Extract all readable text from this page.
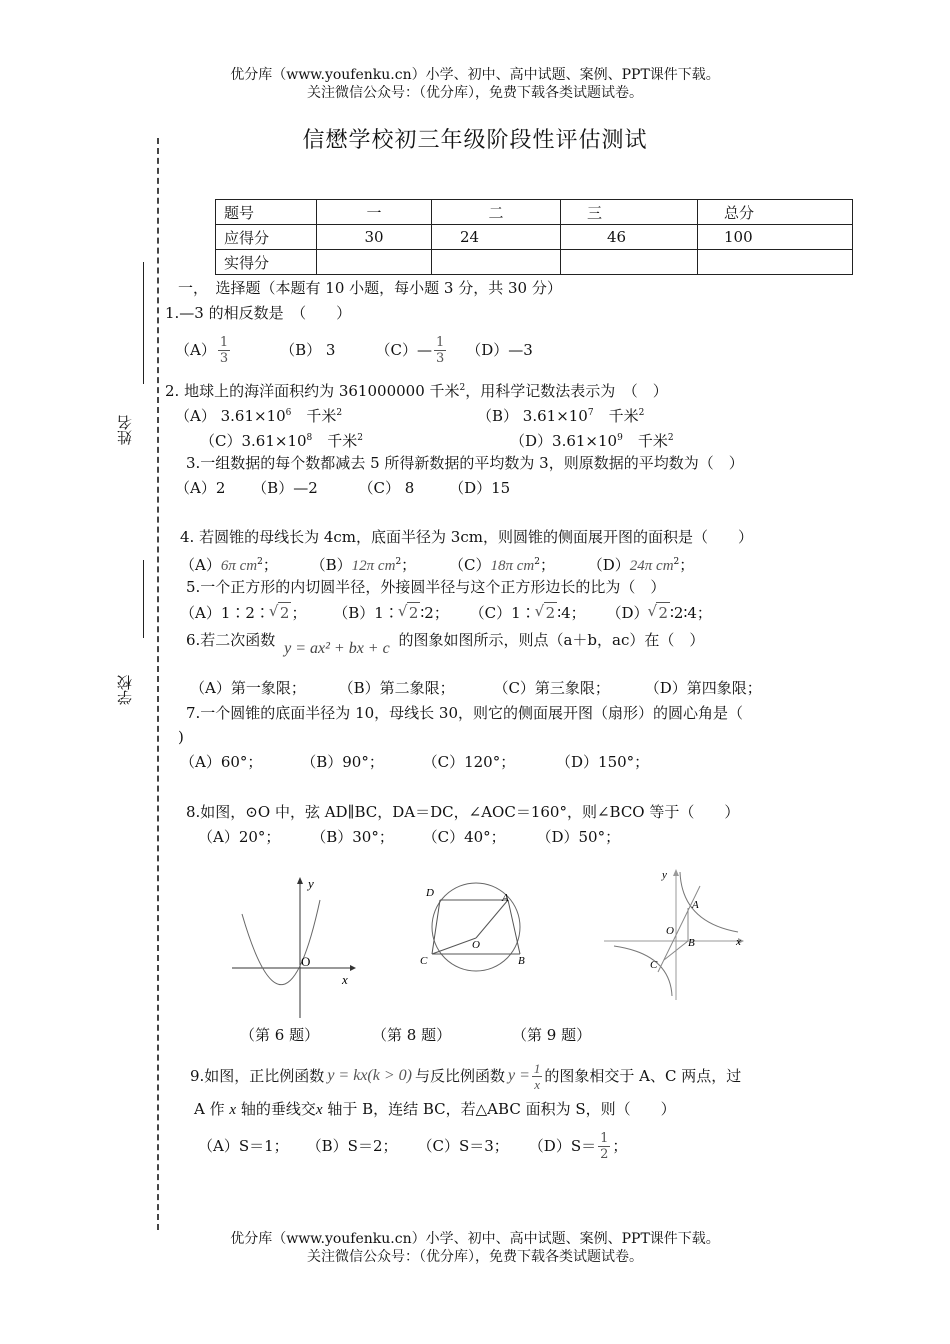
优分库（www.youfenku.cn）小学、初中、高中试题、案例、PPT课件下载。
关注微信公众号：（优分库），免费下载各类试题试卷。
姓名
学校
信懋学校初三年级阶段性评估测试
题号	一	二	三	总分
应得分	30	24	46	100
实得分				
一，　选择题（本题有 10 小题，每小题 3 分，共 30 分）
1.—3 的相反数是　（　　）
$(A) \frac{1}{3}$	（B） 3	（C）— $\frac{1}{3}$ （D）—3
2. 地球上的海洋面积约为 361000000 千米$^2$，用科学记数法表示为　（　）
（A） $3.61\times 10^6$　 千米$^2$	（B） $3.61\times 10^7$　 千米$^2$
$(C)3.61\times 10^8$　 千米$^2$	$(D)3.61\times 10^9$　 千米$^2$
3.一组数据的每个数都减去 5 所得新数据的平均数为 3，则原数据的平均数为（　）
（A）2 （B）—2	（C） 8 （D）15
4. 若圆锥的母线长为 4cm，底面半径为 3cm，则圆锥的侧面展开图的面积是（　　）
（A）6π $cm^2$； （B）12π $cm^2$； （C）18π $cm^2$； （D）24π $cm^2$；
5.一个正方形的内切圆半径，外接圆半径与这个正方形边长的比为（　）
（A）1∶2∶ √ 2 ； （B）1∶ √ 2 ∶2； （C）1∶ √ 2 ∶4； （D） √ 2 ∶2∶4；
6.若二次函数 y = ax² + bx + c 的图象如图所示，则点（a＋b，ac）在（　）
（A）第一象限； （B）第二象限；	（C）第三象限； （D）第四象限；
7.一个圆锥的底面半径为 10，母线长 30，则它的侧面展开图（扇形）的圆心角是（
)
（A）60°；	（B）90°；	（C）120°；	（D）150°；
8.如图，⊙O 中，弦 AD∥BC，DA＝DC，∠AOC＝160°，则∠BCO 等于（　　）
（A）20°； （B）30°； （C）40°； （D）50°；
y
x
O
D	A
O
C	B
y
x
A
O
B
C
（第 6 题）	（第 8 题）	（第 9 题）
9.如图，正比例函数 y = kx(k > 0) 与反比例函数 $y = \frac{1}{x}$ 的图象相交于 A、C 两点，过
A 作 x 轴的垂线交x 轴于 B，连结 BC，若△ABC 面积为 S，则（　　）
（A）S＝1； （B）S＝2； （C）S＝3； $(D)S= \frac{1}{2}$ ；
优分库（www.youfenku.cn）小学、初中、高中试题、案例、PPT课件下载。
关注微信公众号：（优分库），免费下载各类试题试卷。
